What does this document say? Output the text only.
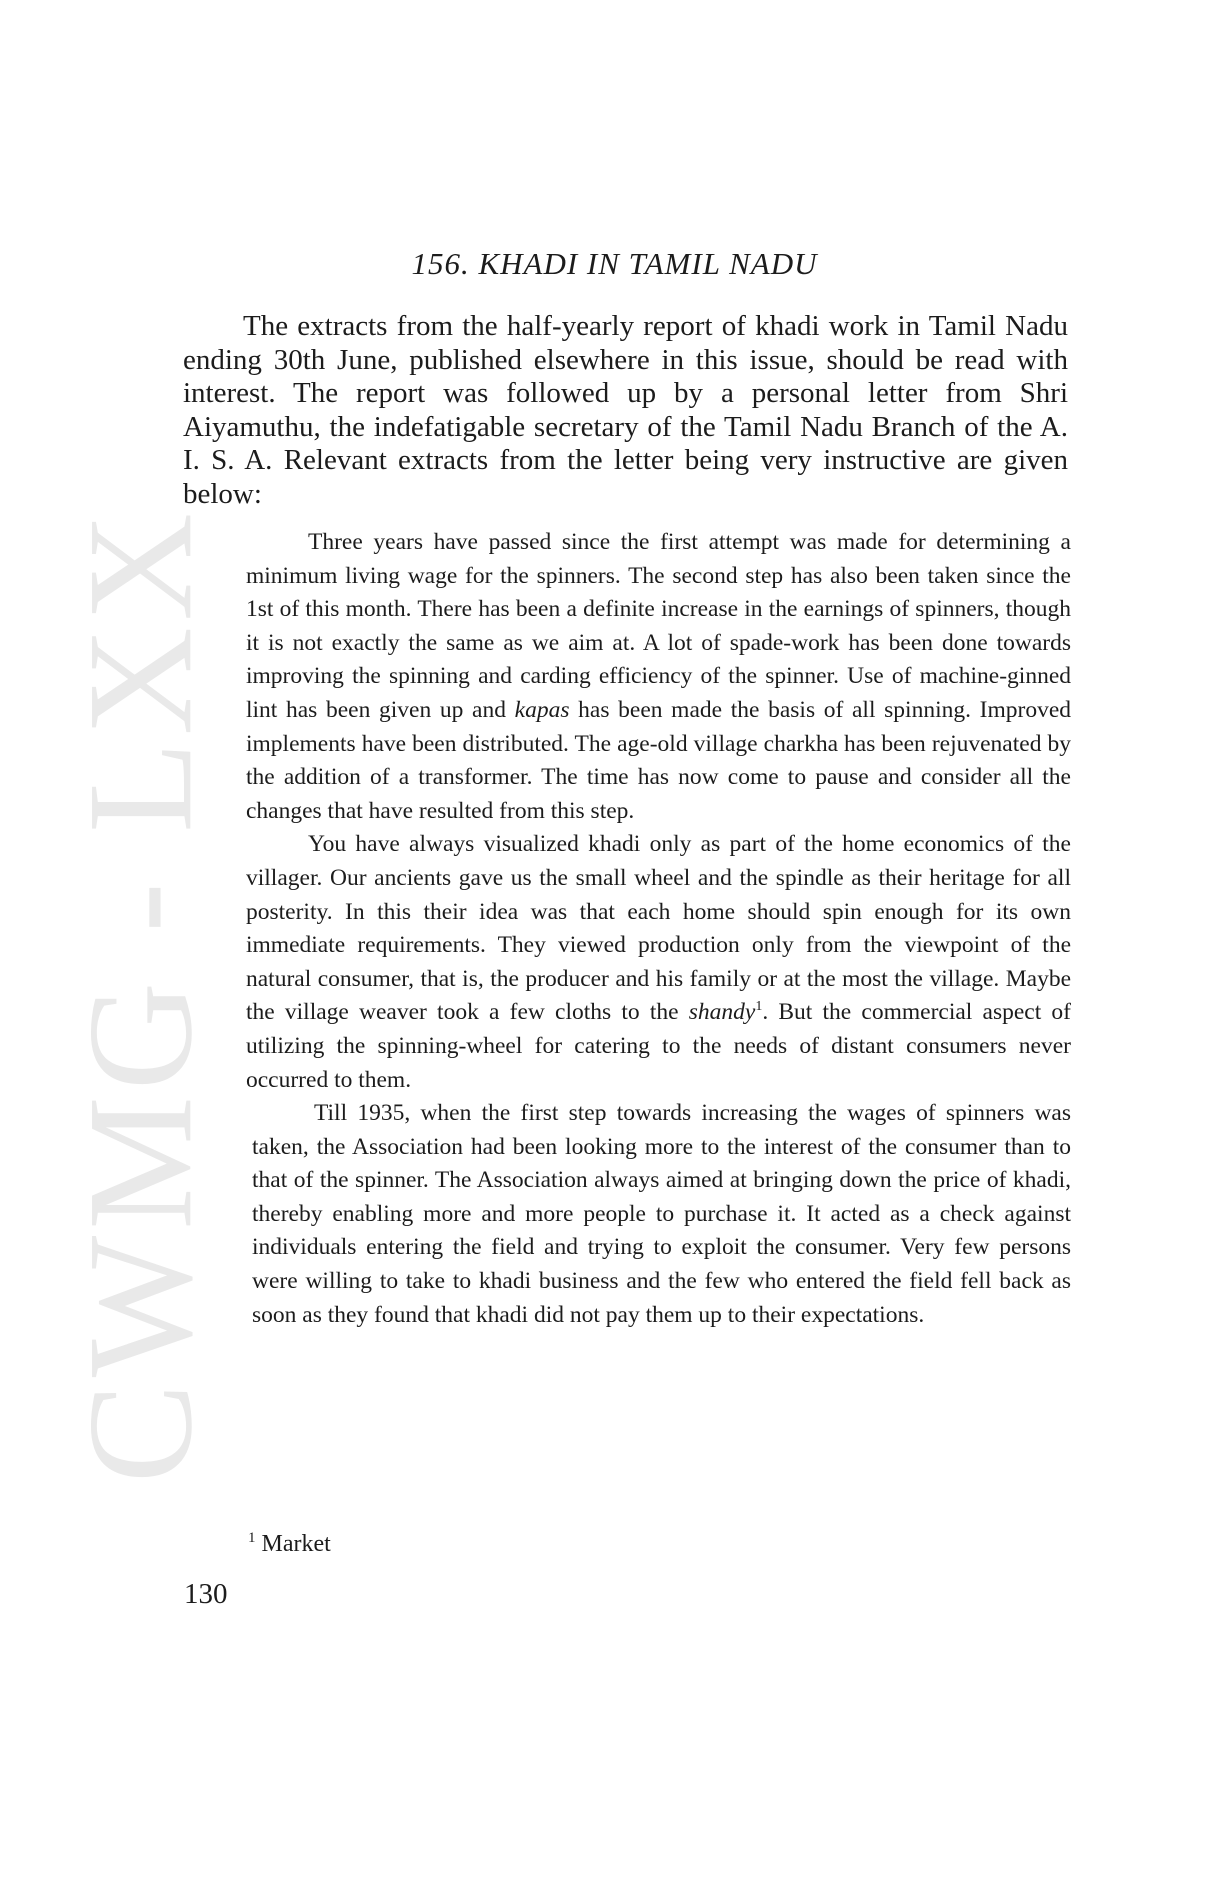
CWMG - LXX
156. KHADI IN TAMIL NADU

The extracts from the half-yearly report of khadi work in Tamil Nadu ending 30th June, published elsewhere in this issue, should be read with interest. The report was followed up by a personal letter from Shri Aiyamuthu, the indefatigable secretary of the Tamil Nadu Branch of the A. I. S. A. Relevant extracts from the letter being very instructive are given below:

Three years have passed since the first attempt was made for determining a minimum living wage for the spinners. The second step has also been taken since the 1st of this month. There has been a definite increase in the earnings of spinners, though it is not exactly the same as we aim at. A lot of spade-work has been done towards improving the spinning and carding efficiency of the spinner. Use of machine-ginned lint has been given up and kapas has been made the basis of all spinning. Improved implements have been distributed. The age-old village charkha has been rejuvenated by the addition of a transformer. The time has now come to pause and consider all the changes that have resulted from this step.

You have always visualized khadi only as part of the home economics of the villager. Our ancients gave us the small wheel and the spindle as their heritage for all posterity. In this their idea was that each home should spin enough for its own immediate requirements. They viewed production only from the viewpoint of the natural consumer, that is, the producer and his family or at the most the village. Maybe the village weaver took a few cloths to the shandy$^1$. But the commercial aspect of utilizing the spinning-wheel for catering to the needs of distant consumers never occurred to them.

Till 1935, when the first step towards increasing the wages of spinners was taken, the Association had been looking more to the interest of the consumer than to that of the spinner. The Association always aimed at bringing down the price of khadi, thereby enabling more and more people to purchase it. It acted as a check against individuals entering the field and trying to exploit the consumer. Very few persons were willing to take to khadi business and the few who entered the field fell back as soon as they found that khadi did not pay them up to their expectations.

$^1$ Market

130
